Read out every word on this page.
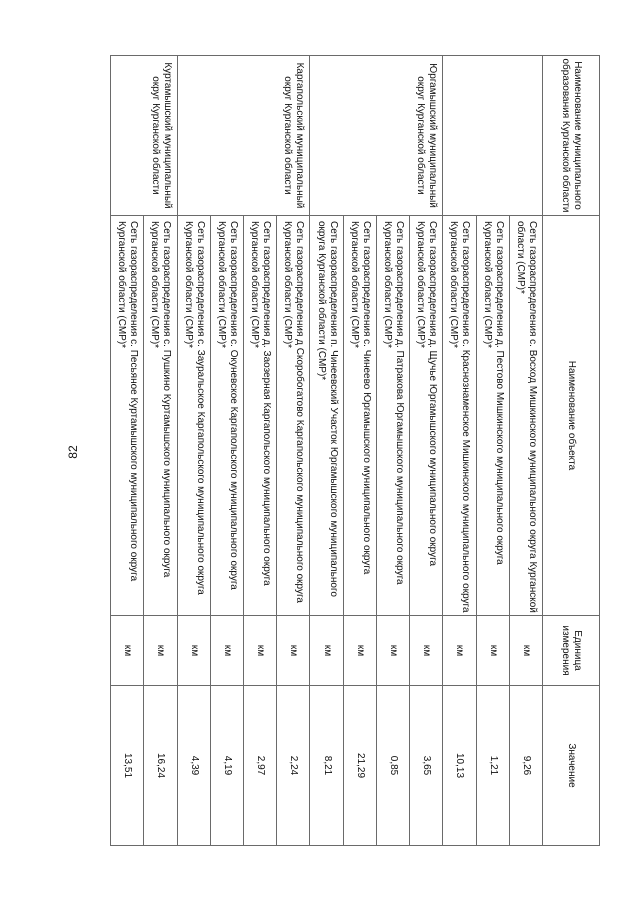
82
Наименование муниципального образования Курганской области	Наименование объекта	Единица измерения	Значение
	Сеть газораспределения с. Восход Мишкинского муниципального округа Курганской области (СМР)*	км	9,26
	Сеть газораспределения д. Пестово Мишкинского муниципального округа Курганской области (СМР)*	км	1,21
	Сеть газораспределения с. Краснознаменское Мишкинского муниципального округа Курганской области (СМР)*	км	10,13
Юргамышский муниципальный округ Курганской области	Сеть газораспределения д. Щучье Юргамышского муниципального округа Курганской области (СМР)*	км	3,65
	Сеть газораспределения д. Патракова Юргамышского муниципального округа Курганской области (СМР)*	км	0,85
	Сеть газораспределения с. Чинеево Юргамышского муниципального округа Курганской области (СМР)*	км	21,29
	Сеть газораспределения п. Чинеевский Участок Юргамышского муниципального округа Курганской области (СМР)*	км	8,21
Каргапольский муниципальный округ Курганской области	Сеть газораспределения д Скоробогатово Каргапольского муниципального округа Курганской области (СМР)*	км	2,24
	Сеть газораспределения д. Заозерная Каргапольского муниципального округа Курганской области (СМР)*	км	2,97
	Сеть газораспределения с. Окуневское Каргапольского муниципального округа Курганской области (СМР)*	км	4,19
	Сеть газораспределения с. Зауральское Каргапольского муниципального округа Курганской области (СМР)*	км	4,39
Куртамышский муниципальный округ Курганской области	Сеть газораспределения с. Пушкино Куртамышского муниципального округа Курганской области (СМР)*	км	16,24
	Сеть газораспределения с. Песьяное Куртамышского муниципального округа Курганской области (СМР)*	км	13,51
